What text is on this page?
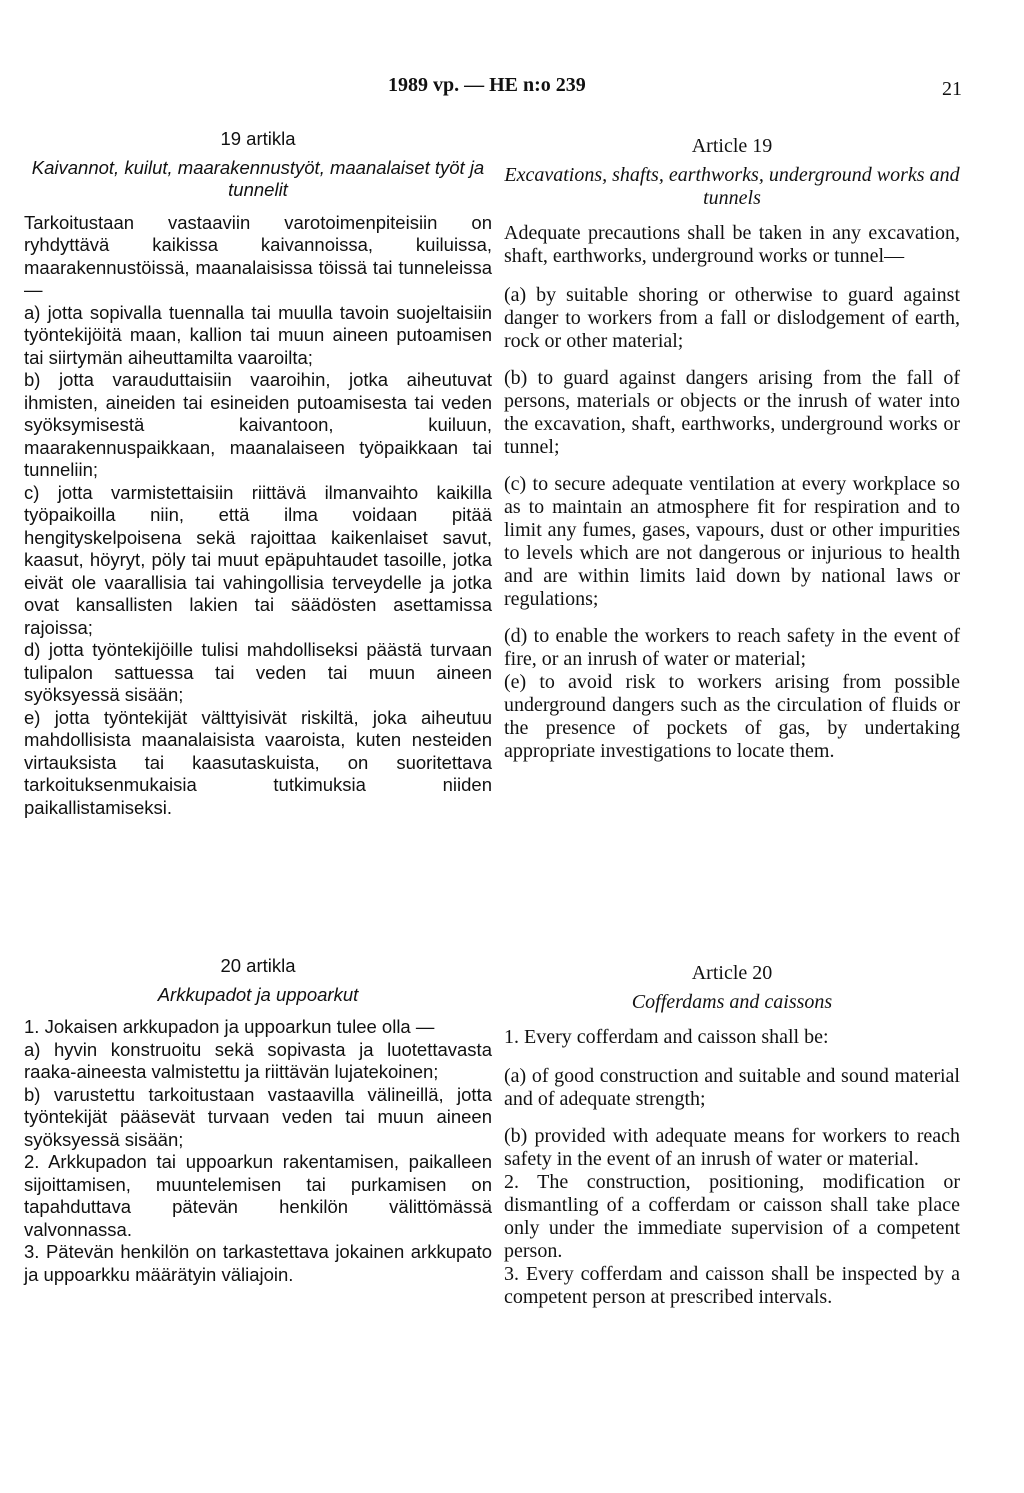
1989 vp. — HE n:o 239	21
19 artikla
Kaivannot, kuilut, maarakennustyöt, maanalaiset työt ja tunnelit

Tarkoitustaan vastaaviin varotoimenpiteisiin on ryhdyttävä kaikissa kaivannoissa, kuiluissa, maarakennustöissä, maanalaisissa töissä tai tunneleissa —

a) jotta sopivalla tuennalla tai muulla tavoin suojeltaisiin työntekijöitä maan, kallion tai muun aineen putoamisen tai siirtymän aiheuttamilta vaaroilta;

b) jotta varauduttaisiin vaaroihin, jotka aiheutuvat ihmisten, aineiden tai esineiden putoamisesta tai veden syöksymisestä kaivantoon, kuiluun, maarakennuspaikkaan, maanalaiseen työpaikkaan tai tunneliin;

c) jotta varmistettaisiin riittävä ilmanvaihto kaikilla työpaikoilla niin, että ilma voidaan pitää hengityskelpoisena sekä rajoittaa kaikenlaiset savut, kaasut, höyryt, pöly tai muut epäpuhtaudet tasoille, jotka eivät ole vaarallisia tai vahingollisia terveydelle ja jotka ovat kansallisten lakien tai säädösten asettamissa rajoissa;

d) jotta työntekijöille tulisi mahdolliseksi päästä turvaan tulipalon sattuessa tai veden tai muun aineen syöksyessä sisään;

e) jotta työntekijät välttyisivät riskiltä, joka aiheutuu mahdollisista maanalaisista vaaroista, kuten nesteiden virtauksista tai kaasutaskuista, on suoritettava tarkoituksenmukaisia tutkimuksia niiden paikallistamiseksi.

Article 19
Excavations, shafts, earthworks, underground works and tunnels

Adequate precautions shall be taken in any excavation, shaft, earthworks, underground works or tunnel—

(a) by suitable shoring or otherwise to guard against danger to workers from a fall or dislodgement of earth, rock or other material;

(b) to guard against dangers arising from the fall of persons, materials or objects or the inrush of water into the excavation, shaft, earthworks, underground works or tunnel;

(c) to secure adequate ventilation at every workplace so as to maintain an atmosphere fit for respiration and to limit any fumes, gases, vapours, dust or other impurities to levels which are not dangerous or injurious to health and are within limits laid down by national laws or regulations;

(d) to enable the workers to reach safety in the event of fire, or an inrush of water or material;

(e) to avoid risk to workers arising from possible underground dangers such as the circulation of fluids or the presence of pockets of gas, by undertaking appropriate investigations to locate them.

20 artikla
Arkkupadot ja uppoarkut

1. Jokaisen arkkupadon ja uppoarkun tulee olla —

a) hyvin konstruoitu sekä sopivasta ja luotettavasta raaka-aineesta valmistettu ja riittävän lujatekoinen;

b) varustettu tarkoitustaan vastaavilla välineillä, jotta työntekijät pääsevät turvaan veden tai muun aineen syöksyessä sisään;

2. Arkkupadon tai uppoarkun rakentamisen, paikalleen sijoittamisen, muuntelemisen tai purkamisen on tapahduttava pätevän henkilön välittömässä valvonnassa.

3. Pätevän henkilön on tarkastettava jokainen arkkupato ja uppoarkku määrätyin väliajoin.

Article 20
Cofferdams and caissons

1. Every cofferdam and caisson shall be:

(a) of good construction and suitable and sound material and of adequate strength;

(b) provided with adequate means for workers to reach safety in the event of an inrush of water or material.

2. The construction, positioning, modification or dismantling of a cofferdam or caisson shall take place only under the immediate supervision of a competent person.

3. Every cofferdam and caisson shall be inspected by a competent person at prescribed intervals.
